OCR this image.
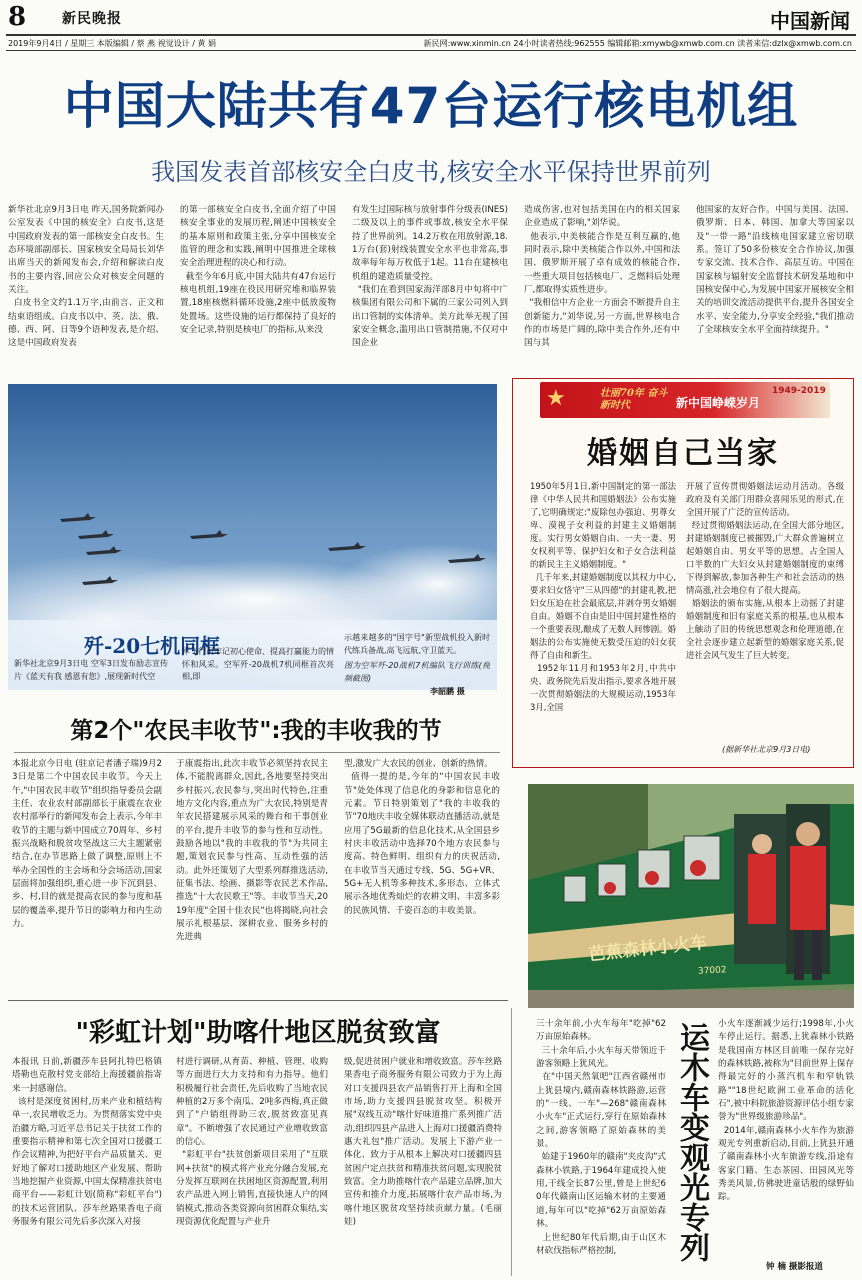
8	新民晚报	中国新闻
2019年9月4日 / 星期三 本版编辑 / 蔡 燕 视觉设计 / 黄 娟	新民网:www.xinmin.cn 24小时读者热线:962555 编辑邮箱:xmywb@xmwb.com.cn 读者来信:dzlx@xmwb.com.cn
中国大陆共有47台运行核电机组
我国发表首部核安全白皮书,核安全水平保持世界前列
新华社北京9月3日电 昨天,国务院新闻办公室发表《中国的核安全》白皮书,这是中国政府发表的第一部核安全白皮书。生态环境部副部长、国家核安全局局长刘华出席当天的新闻发布会,介绍和解读白皮书的主要内容,回应公众对核安全问题的关注。
白皮书全文约1.1万字,由前言、正文和结束语组成。白皮书以中、英、法、俄、德、西、阿、日等9个语种发表,是介绍、这是中国政府发表
的第一部核安全白皮书,全面介绍了中国核安全事业的发展历程,阐述中国核安全的基本原则和政策主张,分享中国核安全监管的理念和实践,阐明中国推进全球核安全治理进程的决心和行动。
截至今年6月底,中国大陆共有47台运行核电机组,19座在役民用研究堆和临界装置,18座核燃料循环设施,2座中低放废物处置场。这些设施的运行都保持了良好的安全记录,特别是核电厂的指标,从来没
有发生过国际核与放射事件分级表(INES)二级及以上的事件或事故,核安全水平保持了世界前列。14.2万枚在用放射源,18.1万台(套)射线装置安全水平也非常高,事故率每年每万枚低于1起。11台在建核电机组的建造质量受控。
"我们在看到国家海洋部8月中旬将中广核集团有限公司和下属的三家公司列入到出口管制的实体清单。美方此举无视了国家安全概念,滥用出口管制措施,不仅对中国企业
造成伤害,也对包括美国在内的相关国家企业造成了影响,"刘华说。
他表示,中美核能合作是互利互赢的,他同时表示,除中美核能合作以外,中国和法国、俄罗斯开展了卓有成效的核能合作,一些重大项目包括核电厂、乏燃料后处理厂,都取得实质性进步。
"我相信中方企业一方面会不断提升自主创新能力,"刘华说,另一方面,世界核电合作的市场是广阔的,除中美合作外,还有中国与其
他国家的友好合作。中国与美国、法国、俄罗斯、日本、韩国、加拿大等国家以及"一带一路"沿线核电国家建立密切联系。签订了50多份核安全合作协议,加强专家交流、技术合作、高层互访。中国在国家核与辐射安全监督技术研发基地和中国核安保中心,为发展中国家开展核安全相关的培训交流活动提供平台,提升各国安全水平、安全能力,分享安全经验,"我们推动了全球核安全水平全面持续提升。"
歼-20七机同框
新华社北京9月3日电 空军3日发布励志宣传片《蓝天有我 感恩有您》,展现新时代空
军飞行员牢记初心使命、提高打赢能力的情怀和风采。空军歼-20战机7机同框首次亮相,即
示越来越多的"国字号"新型战机投入新时代练兵备战,高飞远航,守卫蓝天。
图为空军歼-20战机7机编队飞行训练(视频截图)
李韶鹏 摄
★	壮丽70年 奋斗新时代	新中国峥嵘岁月
1949-2019
婚姻自己当家
1950年5月1日,新中国制定的第一部法律《中华人民共和国婚姻法》公布实施了,它明确规定:"废除包办强迫、男尊女卑、漠视子女利益的封建主义婚姻制度。实行男女婚姻自由、一夫一妻、男女权利平等、保护妇女和子女合法利益的新民主主义婚姻制度。"
几千年来,封建婚姻制度以其权力中心,要求妇女恪守"三从四德"的封建礼教,把妇女压迫在社会最底层,并剥夺男女婚姻自由。婚姻不自由是旧中国封建性格的一个重要表现,酿成了无数人间惨剧。婚姻法的公布实施使无数受压迫的妇女获得了自由和新生。
1952年11月和1953年2月,中共中央、政务院先后发出指示,要求各地开展一次贯彻婚姻法的大规模运动,1953年3月,全国
开展了宣传贯彻婚姻法运动月活动。各级政府及有关部门用群众喜闻乐见的形式,在全国开展了广泛的宣传活动。
经过贯彻婚姻法运动,在全国大部分地区,封建婚姻制度已被摧毁,广大群众普遍树立起婚姻自由、男女平等的思想。占全国人口半数的广大妇女从封建婚姻制度的束缚下得到解放,参加各种生产和社会活动的热情高涨,社会地位有了很大提高。
婚姻法的颁布实施,从根本上动摇了封建婚姻制度和旧有家庭关系的根基,也从根本上触动了旧的传统思想观念和伦理道德,在全社会逐步建立起新型的婚姻家庭关系,促进社会风气发生了巨大转变。
(据新华社北京9月3日电)
第2个"农民丰收节":我的丰收我的节
本报北京今日电 (驻京记者潘子瑞)9月23日是第二个中国农民丰收节。今天上午,"中国农民丰收节"组织指导委员会副主任、农业农村部副部长于康震在农业农村部举行的新闻发布会上表示,今年丰收节的主题与新中国成立70周年、乡村振兴战略和脱贫攻坚战这三大主题紧密结合,在办节思路上做了调整,原则上不举办全国性的主会场和分会场活动,国家层面将加强组织,重心进一步下沉到县、乡、村,目的就是提高农民的参与度和基层的覆盖率,提升节日的影响力和内生动力。
于康震指出,此次丰收节必须坚持农民主体,不能脱离群众,因此,各地要坚持突出乡村振兴,农民参与,突出时代特色,注重地方文化内容,重点为广大农民,特别是青年农民搭建展示风采的舞台和干事创业的平台,提升丰收节的参与性和互动性。鼓励各地以"我的丰收我的节"为共同主题,策划农民参与性高、互动性强的活动。此外还策划了大型系列群推选活动,征集书法、绘画、摄影等农民艺术作品,推选"十大农民歌王"等。丰收节当天,2019年度"全国十佳农民"也将揭晓,向社会展示礼根基层、深耕农业、服务乡村的先进典
型,激发广大农民的创业、创新的热情。
值得一提的是,今年的"中国农民丰收节"处处体现了信息化的身影和信息化的元素。节日特别策划了"我的丰收我的节"70地庆丰收全媒体联动直播活动,就是应用了5G最新的信息化技术,从全国县乡村庆丰收活动中选择70个地方农民参与度高、特色鲜明、组织有力的庆祝活动,在丰收节当天通过专线、5G、5G+VR、5G+无人机等多种技术,多形态、立体式展示各地优秀灿烂的农耕文明、丰富多彩的民族风情、千姿百态的丰收美景。
芭蕉森林小火车
37002
"彩虹计划"助喀什地区脱贫致富
本报讯 日前,新疆莎车县阿扎特巴格镇塔勒也克散村党支部给上海援疆前指寄来一封感谢信。
该村是深度贫困村,历来产业和植结构单一,农民增收乏力。为贯彻落实党中央治疆方略,习近平总书记关于扶贫工作的重要指示精神和第七次全国对口援疆工作会议精神,为把好平台产品质量关、更好地了解对口援助地区产业发展、帮助当地挖掘产业资源,中国太保精准扶贫电商平台——彩虹计划(简称"彩虹平台")的技术运营团队、莎车丝路果香电子商务服务有限公司先后多次深入对接
村进行调研,从育苗、种植、管理、收购等方面进行大力支持和有力指导。他们积极履行社会责任,先后收购了当地农民种植的2万多个南瓜、2吨多西梅,真正做到了"户销组得助三农,脱贫致富见真章"。不断增强了农民通过产业增收致富的信心。
"彩虹平台"扶贫创新项目采用了"互联网+扶贫"的模式将产业充分融合发展,充分发挥互联网在扶困地区资源配置,利用农产品进入网上销售,直接快速人户的网销模式,推动各类资源向贫困群众集结,实现资源优化配置与产业升
级,促进贫困户就业和增收致富。莎车丝路果香电子商务服务有限公司致力于为上海对口支援四县农产品销售打开上海和全国市场,助力支援四县脱贫攻坚。积极开展"双线互动"喀什好味道推广系列推广活动,组织四县产品进入上海对口援疆消费特惠大礼包"推广活动。发展上下游产业一体化、致力于从根本上解决对口援疆四县贫困户定点扶贫和精准扶贫问题,实现脱贫致富。全力助推喀什农产品建立品牌,加大宣传和推介力度,拓展喀什农产品市场,为喀什地区脱贫攻坚持续贡献力量。(毛丽娃)
三十余年前,小火车每年"吃掉"62万亩原始森林。
三十余年后,小火车每天带领近千游客领略上犹风光。
在"中国天然氧吧"江西省赣州市上犹县境内,赣南森林铁路游,运营的"一线、一车"—268"赣南森林小火车"正式运行,穿行在原始森林之间,游客领略了原始森林的美景。
始建于1960年的赣南"夹皮沟"式森林小铁路,于1964年建成投入使用,干线全长87公里,曾是上世纪60年代赣南山区运输木材的主要通道,每年可以"吃掉"62万亩原始森林。
上世纪80年代后期,由于山区木材砍伐指标严格控制,	运木车变观光专列 小火车逐渐减少运行;1998年,小火车停止运行。据悉,上犹森林小铁路是我国南方林区目前唯一保存完好的森林铁路,被称为"目前世界上保存得最完好的小蒸汽机车和窄轨铁路""18世纪欧洲工业革命的活化石",被中科院旅游资源评估小组专家誉为"世界级旅游珍品"。
2014年,赣南森林小火车作为旅游观光专列重新启动,目前,上犹县开通了赣南森林小火车旅游专线,沿途有客家门籍、生态茶园、田园风光等秀美风景,仿佛驶进童话般的绿野仙踪。
钟 楠 摄影报道
